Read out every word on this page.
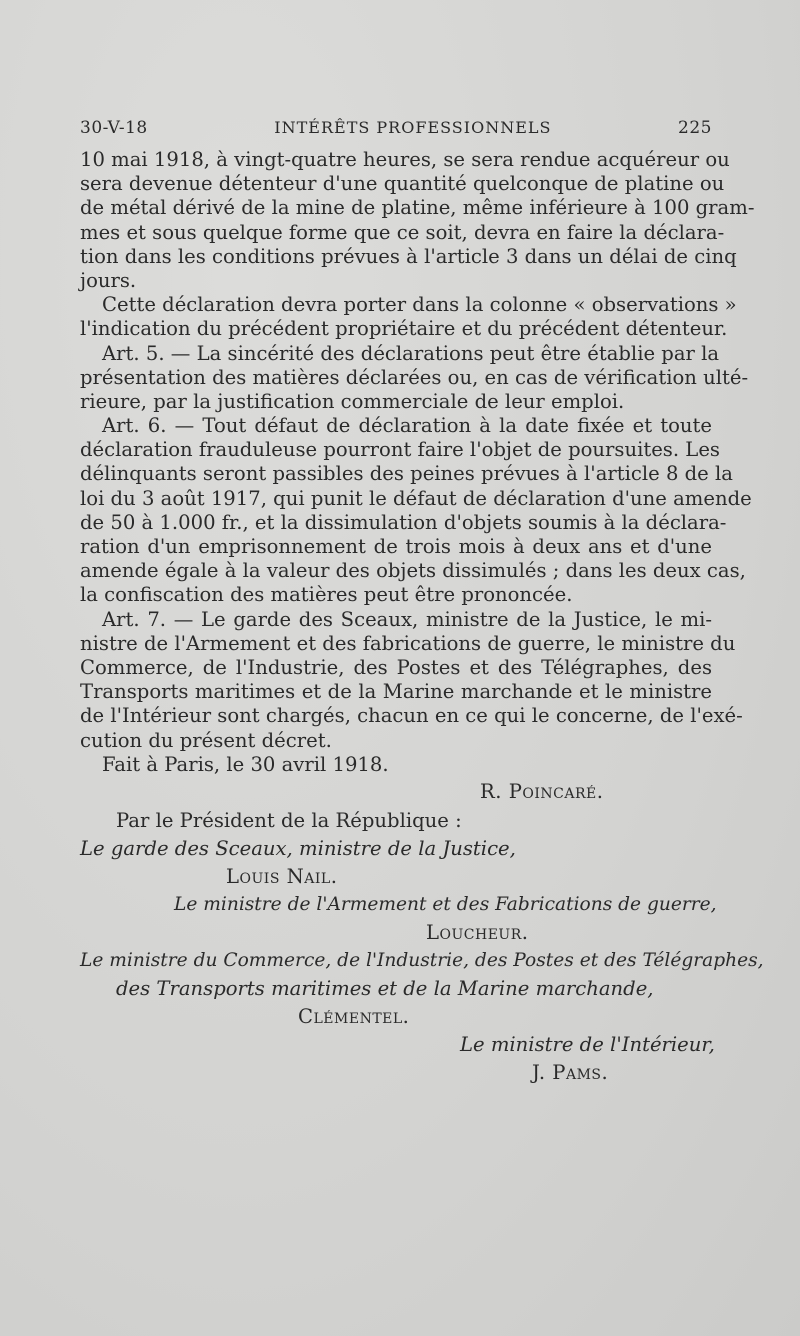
30-V-18	INTÉRÊTS PROFESSIONNELS	225

10 mai 1918, à vingt-quatre heures, se sera rendue acquéreur ou
sera devenue détenteur d'une quantité quelconque de platine ou
de métal dérivé de la mine de platine, même inférieure à 100 gram-
mes et sous quelque forme que ce soit, devra en faire la déclara-
tion dans les conditions prévues à l'article 3 dans un délai de cinq
jours.

Cette déclaration devra porter dans la colonne « observations »
l'indication du précédent propriétaire et du précédent détenteur.

Art. 5. — La sincérité des déclarations peut être établie par la
présentation des matières déclarées ou, en cas de vérification ulté-
rieure, par la justification commerciale de leur emploi.

Art. 6. — Tout défaut de déclaration à la date fixée et toute
déclaration frauduleuse pourront faire l'objet de poursuites. Les
délinquants seront passibles des peines prévues à l'article 8 de la
loi du 3 août 1917, qui punit le défaut de déclaration d'une amende
de 50 à 1.000 fr., et la dissimulation d'objets soumis à la déclara-
ration d'un emprisonnement de trois mois à deux ans et d'une
amende égale à la valeur des objets dissimulés ; dans les deux cas,
la confiscation des matières peut être prononcée.

Art. 7. — Le garde des Sceaux, ministre de la Justice, le mi-
nistre de l'Armement et des fabrications de guerre, le ministre du
Commerce, de l'Industrie, des Postes et des Télégraphes, des
Transports maritimes et de la Marine marchande et le ministre
de l'Intérieur sont chargés, chacun en ce qui le concerne, de l'exé-
cution du présent décret.

Fait à Paris, le 30 avril 1918.
R. Poincaré.
Par le Président de la République :
Le garde des Sceaux, ministre de la Justice,
Louis Nail.
Le ministre de l'Armement et des Fabrications de guerre,
Loucheur.
Le ministre du Commerce, de l'Industrie, des Postes et des Télégraphes,
des Transports maritimes et de la Marine marchande,
Clémentel.
Le ministre de l'Intérieur,
J. Pams.
